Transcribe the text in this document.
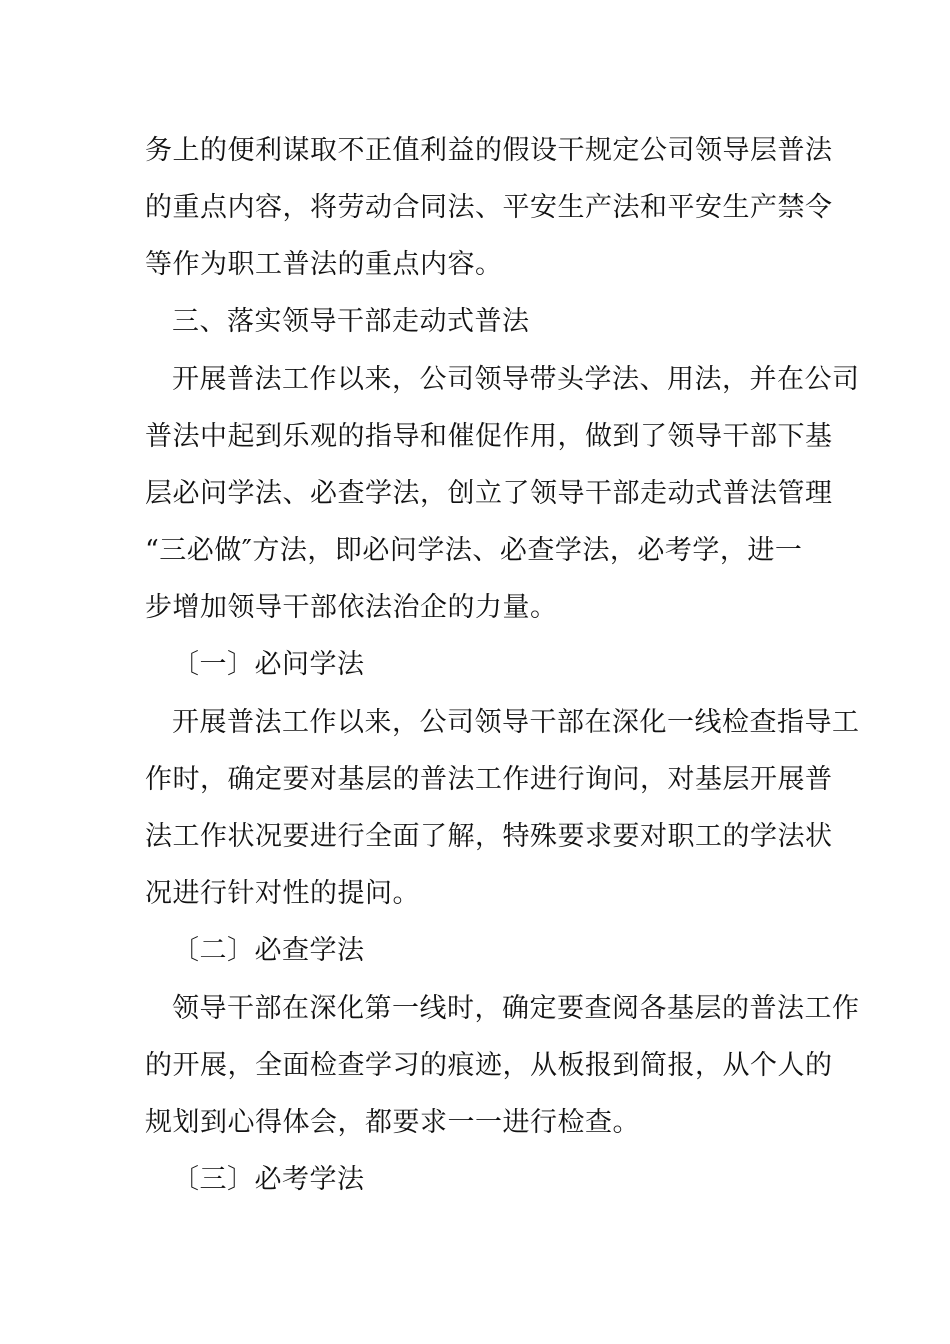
务上的便利谋取不正值利益的假设干规定公司领导层普法
的重点内容，将劳动合同法、平安生产法和平安生产禁令
等作为职工普法的重点内容。
三、落实领导干部走动式普法
开展普法工作以来，公司领导带头学法、用法，并在公司
普法中起到乐观的指导和催促作用，做到了领导干部下基
层必问学法、必查学法，创立了领导干部走动式普法管理
“三必做″方法，即必问学法、必查学法，必考学，进一
步增加领导干部依法治企的力量。
〔一〕必问学法
开展普法工作以来，公司领导干部在深化一线检查指导工
作时，确定要对基层的普法工作进行询问，对基层开展普
法工作状况要进行全面了解，特殊要求要对职工的学法状
况进行针对性的提问。
〔二〕必查学法
领导干部在深化第一线时，确定要查阅各基层的普法工作
的开展，全面检查学习的痕迹，从板报到简报，从个人的
规划到心得体会，都要求一一进行检查。
〔三〕必考学法
